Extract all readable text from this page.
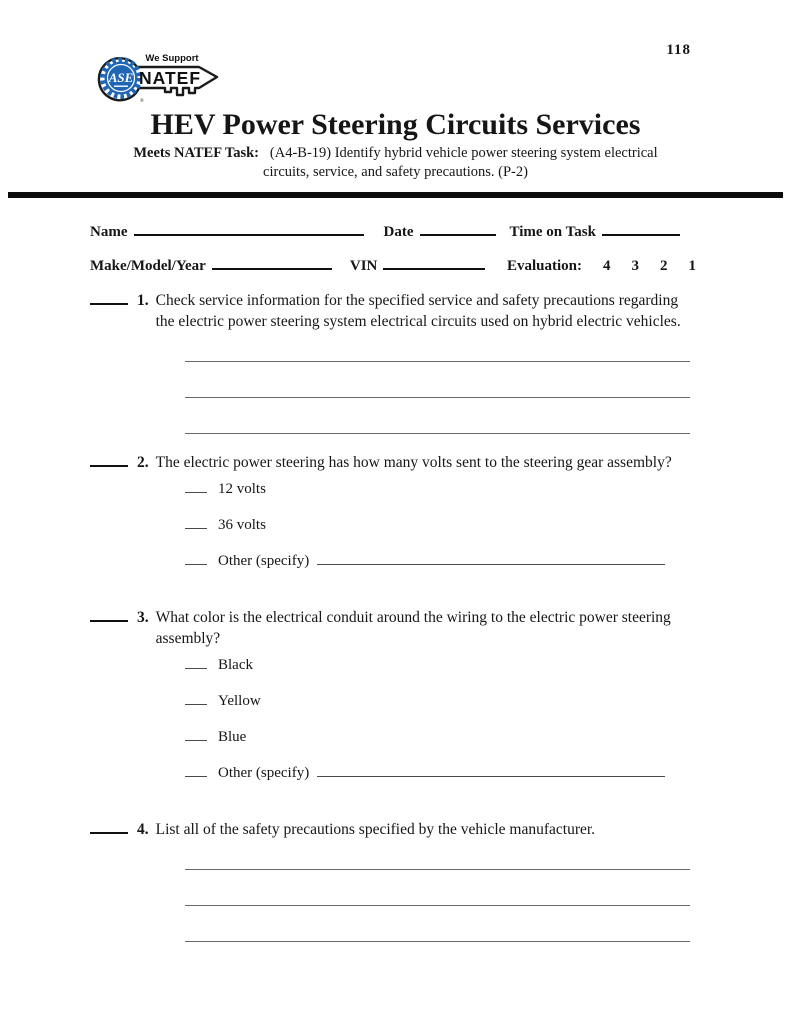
ASE
®
We Support
NATEF
118
HEV Power Steering Circuits Services
Meets NATEF Task: (A4-B-19) Identify hybrid vehicle power steering system electrical
circuits, service, and safety precautions. (P-2)
Name	Date	Time on Task
Make/Model/Year	VIN	Evaluation:	4 3 2 1
1. Check service information for the specified service and safety precautions regarding the electric power steering system electrical circuits used on hybrid electric vehicles.
2. The electric power steering has how many volts sent to the steering gear assembly?
12 volts
36 volts
Other (specify)
3. What color is the electrical conduit around the wiring to the electric power steering assembly?
Black
Yellow
Blue
Other (specify)
4. List all of the safety precautions specified by the vehicle manufacturer.
